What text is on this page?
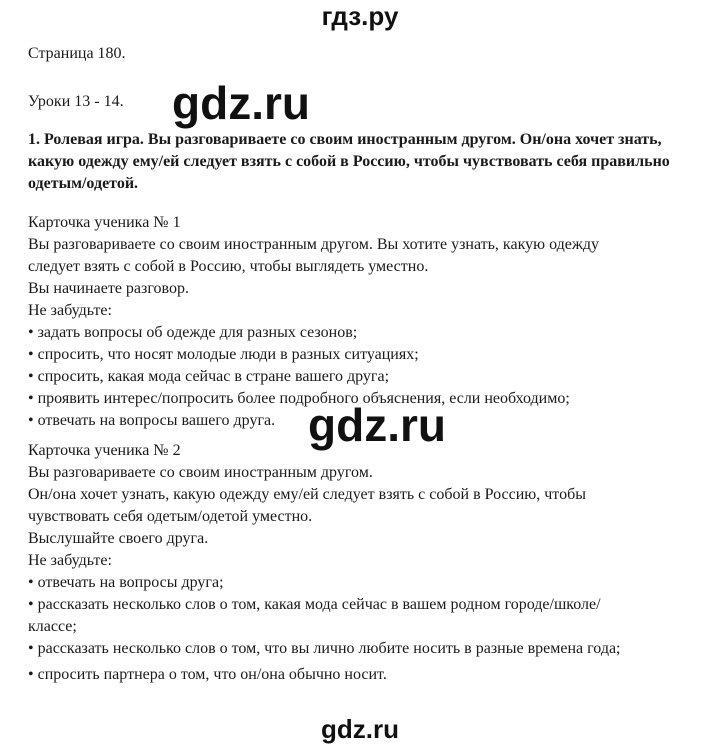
гдз.ру
Страница 180.
Уроки 13 - 14. gdz.ru
1. Ролевая игра. Вы разговариваете со своим иностранным другом. Он/она хочет знать, какую одежду ему/ей следует взять с собой в Россию, чтобы чувствовать себя правильно одетым/одетой.

Карточка ученика № 1

Вы разговариваете со своим иностранным другом. Вы хотите узнать, какую одежду следует взять с собой в Россию, чтобы выглядеть уместно.

Вы начинаете разговор.

Не забудьте:

• задать вопросы об одежде для разных сезонов;
• спросить, что носят молодые люди в разных ситуациях;
• спросить, какая мода сейчас в стране вашего друга;
• проявить интерес/попросить более подробного объяснения, если необходимо;
• отвечать на вопросы вашего друга. gdz.ru

Карточка ученика № 2

Вы разговариваете со своим иностранным другом.

Он/она хочет узнать, какую одежду ему/ей следует взять с собой в Россию, чтобы чувствовать себя одетым/одетой уместно.

Выслушайте своего друга.

Не забудьте:

• отвечать на вопросы друга;
• рассказать несколько слов о том, какая мода сейчас в вашем родном городе/школе/классе;
• рассказать несколько слов о том, что вы лично любите носить в разные времена года;
• спросить партнера о том, что он/она обычно носит.
gdz.ru
